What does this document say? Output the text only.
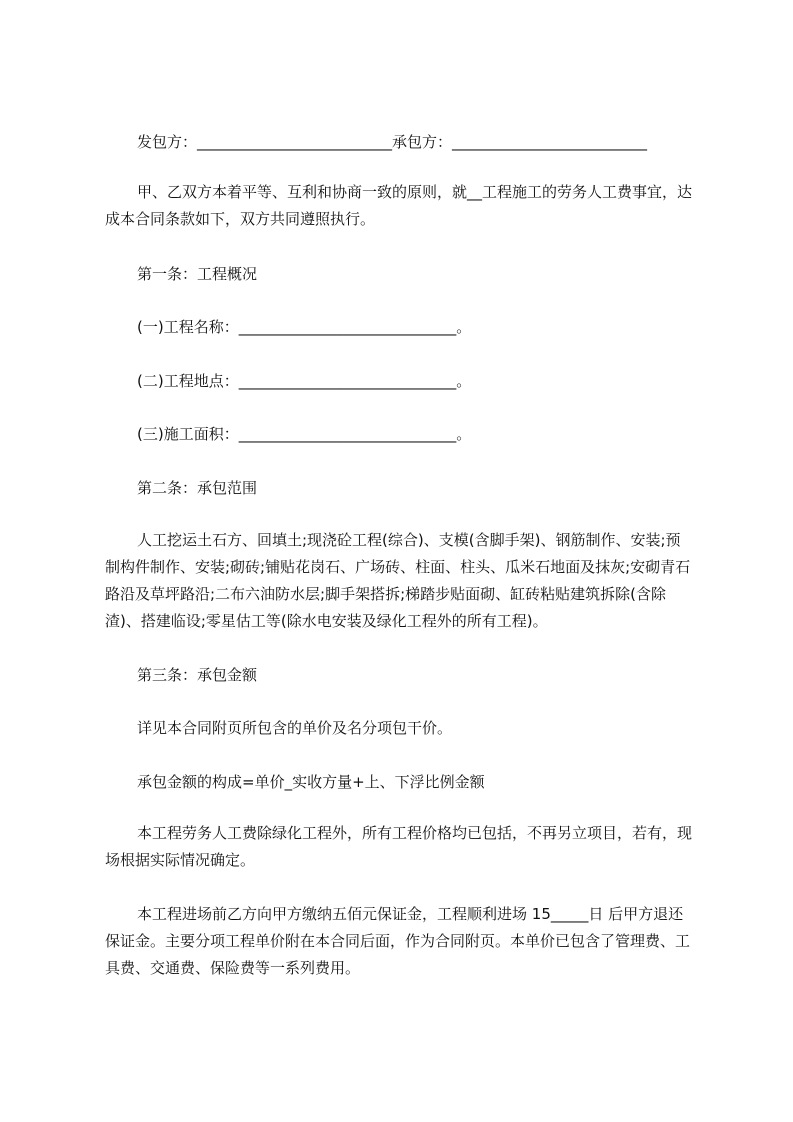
发包方：__________________________承包方：__________________________
甲、乙双方本着平等、互利和协商一致的原则，就__工程施工的劳务人工费事宜，达成本合同条款如下，双方共同遵照执行。
第一条：工程概况
(一)工程名称：_____________________________。
(二)工程地点：_____________________________。
(三)施工面积：_____________________________。
第二条：承包范围
人工挖运土石方、回填土;现浇砼工程(综合)、支模(含脚手架)、钢筋制作、安装;预制构件制作、安装;砌砖;铺贴花岗石、广场砖、柱面、柱头、瓜米石地面及抹灰;安砌青石路沿及草坪路沿;二布六油防水层;脚手架搭拆;梯踏步贴面砌、缸砖粘贴建筑拆除(含除渣)、搭建临设;零星估工等(除水电安装及绿化工程外的所有工程)。
第三条：承包金额
详见本合同附页所包含的单价及名分项包干价。
承包金额的构成=单价_实收方量+上、下浮比例金额
本工程劳务人工费除绿化工程外，所有工程价格均已包括，不再另立项目，若有，现场根据实际情况确定。
本工程进场前乙方向甲方缴纳五佰元保证金，工程顺利进场 15_____日 后甲方退还保证金。主要分项工程单价附在本合同后面，作为合同附页。本单价已包含了管理费、工具费、交通费、保险费等一系列费用。
